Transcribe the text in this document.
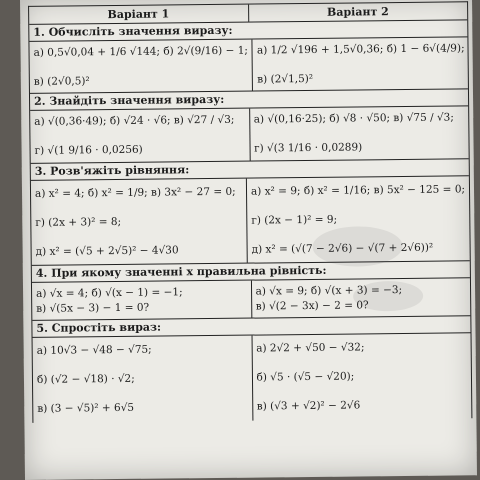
Варіант 1	Варіант 2
1. Обчисліть значення виразу:
а) 0,5√0,04 + 1/6 √144; б) 2√(9/16) − 1;
в) (2√0,5)²
а) 1/2 √196 + 1,5√0,36; б) 1 − 6√(4/9);
в) (2√1,5)²
2. Знайдіть значення виразу:
а) √(0,36·49); б) √24 · √6; в) √27 / √3;
г) √(1 9/16 · 0,0256)
а) √(0,16·25); б) √8 · √50; в) √75 / √3;
г) √(3 1/16 · 0,0289)
3. Розв'яжіть рівняння:
а) x² = 4; б) x² = 1/9; в) 3x² − 27 = 0;
г) (2x + 3)² = 8;
д) x² = (√5 + 2√5)² − 4√30
а) x² = 9; б) x² = 1/16; в) 5x² − 125 = 0;
г) (2x − 1)² = 9;
д) x² = (√(7 − 2√6) − √(7 + 2√6))²
4. При якому значенні x правильна рівність:
а) √x = 4; б) √(x − 1) = −1;
в) √(5x − 3) − 1 = 0?
а) √x = 9; б) √(x + 3) = −3;
в) √(2 − 3x) − 2 = 0?
5. Спростіть вираз:
а) 10√3 − √48 − √75;
б) (√2 − √18) · √2;
в) (3 − √5)² + 6√5
а) 2√2 + √50 − √32;
б) √5 · (√5 − √20);
в) (√3 + √2)² − 2√6
